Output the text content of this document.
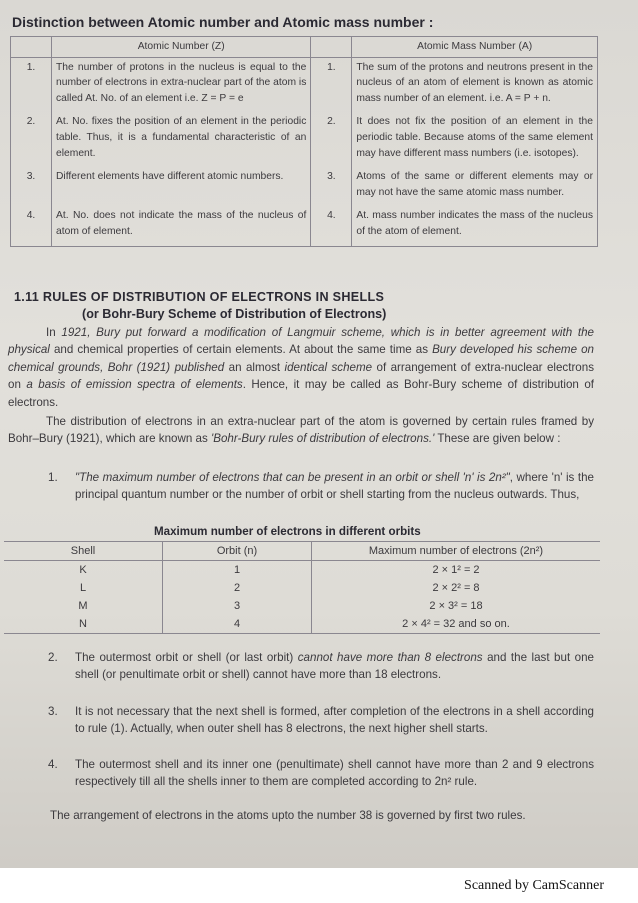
Distinction between Atomic number and Atomic mass number :
	Atomic Number (Z)		Atomic Mass Number (A)
1.	The number of protons in the nucleus is equal to the number of electrons in extra-nuclear part of the atom is called At. No. of an element i.e. Z = P = e	1.	The sum of the protons and neutrons present in the nucleus of an atom of element is known as atomic mass number of an element. i.e. A = P + n.
2.	At. No. fixes the position of an element in the periodic table. Thus, it is a fundamental characteristic of an element.	2.	It does not fix the position of an element in the periodic table. Because atoms of the same element may have different mass numbers (i.e. isotopes).
3.	Different elements have different atomic numbers.	3.	Atoms of the same or different elements may or may not have the same atomic mass number.
4.	At. No. does not indicate the mass of the nucleus of atom of element.	4.	At. mass number indicates the mass of the nucleus of the atom of element.
1.11 RULES OF DISTRIBUTION OF ELECTRONS IN SHELLS
(or Bohr-Bury Scheme of Distribution of Electrons)
In 1921, Bury put forward a modification of Langmuir scheme, which is in better agreement with the physical and chemical properties of certain elements. At about the same time as Bury developed his scheme on chemical grounds, Bohr (1921) published an almost identical scheme of arrangement of extra-nuclear electrons on a basis of emission spectra of elements. Hence, it may be called as Bohr-Bury scheme of distribution of electrons.
The distribution of electrons in an extra-nuclear part of the atom is governed by certain rules framed by Bohr–Bury (1921), which are known as 'Bohr-Bury rules of distribution of electrons.' These are given below :
1. "The maximum number of electrons that can be present in an orbit or shell 'n' is 2n²", where 'n' is the principal quantum number or the number of orbit or shell starting from the nucleus outwards. Thus,
Maximum number of electrons in different orbits
Shell	Orbit (n)	Maximum number of electrons (2n²)
K	1	2 × 1² = 2
L	2	2 × 2² = 8
M	3	2 × 3² = 18
N	4	2 × 4² = 32 and so on.
2. The outermost orbit or shell (or last orbit) cannot have more than 8 electrons and the last but one shell (or penultimate orbit or shell) cannot have more than 18 electrons.
3. It is not necessary that the next shell is formed, after completion of the electrons in a shell according to rule (1). Actually, when outer shell has 8 electrons, the next higher shell starts.
4. The outermost shell and its inner one (penultimate) shell cannot have more than 2 and 9 electrons respectively till all the shells inner to them are completed according to 2n² rule.
The arrangement of electrons in the atoms upto the number 38 is governed by first two rules.
Scanned by CamScanner
